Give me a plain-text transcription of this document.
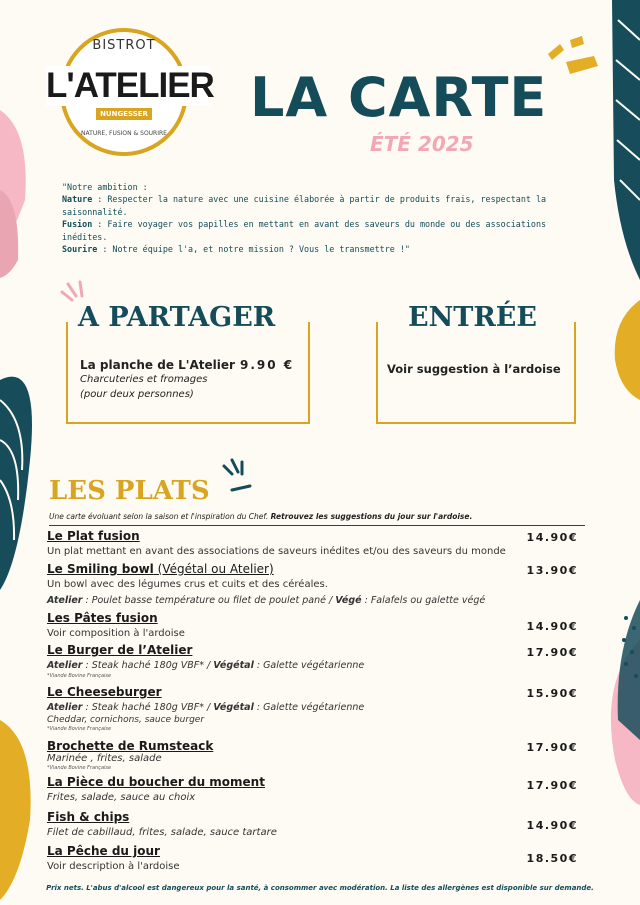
BISTROT
L'ATELIER
NUNGESSER
NATURE, FUSION & SOURIRE
LA CARTE
ÉTÉ 2025

"Notre ambition :

Nature : Respecter la nature avec une cuisine élaborée à partir de produits frais, respectant la saisonnalité.

Fusion : Faire voyager vos papilles en mettant en avant des saveurs du monde ou des associations inédites.

Sourire : Notre équipe l'a, et notre mission ? Vous le transmettre !"

A PARTAGER
La planche de L'Atelier 9.90 €
Charcuteries et fromages
(pour deux personnes)
ENTRÉE
Voir suggestion à l’ardoise
LES PLATS
Une carte évoluant selon la saison et l'inspiration du Chef. Retrouvez les suggestions du jour sur l'ardoise.
Le Plat fusion
Un plat mettant en avant des associations de saveurs inédites et/ou des saveurs du monde
14.90€
Le Smiling bowl (Végétal ou Atelier)
Un bowl avec des légumes crus et cuits et des céréales.
Atelier : Poulet basse température ou filet de poulet pané / Végé : Falafels ou galette végé
13.90€
Les Pâtes fusion
Voir composition à l'ardoise
14.90€
Le Burger de l’Atelier
Atelier : Steak haché 180g VBF* / Végétal : Galette végétarienne
*Viande Bovine Française
17.90€
Le Cheeseburger
Atelier : Steak haché 180g VBF* / Végétal : Galette végétarienne
Cheddar, cornichons, sauce burger
*Viande Bovine Française
15.90€
Brochette de Rumsteack
Marinée , frites, salade
*Viande Bovine Française
17.90€
La Pièce du boucher du moment
Frites, salade, sauce au choix
17.90€
Fish & chips
Filet de cabillaud, frites, salade, sauce tartare
14.90€
La Pêche du jour
Voir description à l'ardoise
18.50€
Prix nets. L'abus d'alcool est dangereux pour la santé, à consommer avec modération. La liste des allergènes est disponible sur demande.
